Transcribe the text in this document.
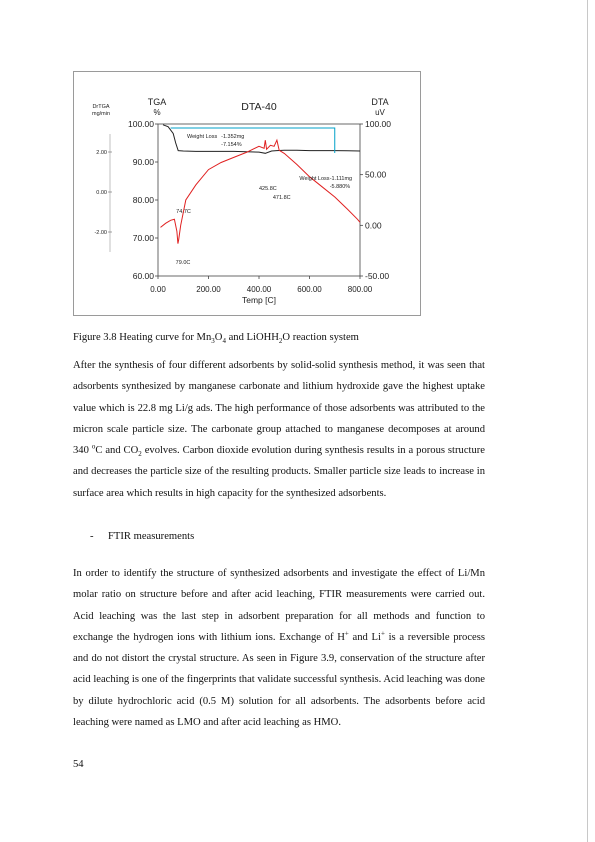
DTA-40
TGA
%
DTA
uV
DrTGA
mg/min
Temp [C]
0.00	200.00	400.00	600.00	800.00
100.00
90.00
80.00
70.00
60.00
100.00
50.00
0.00
-50.00
2.00
0.00
-2.00
Weight Loss -1.352mg
-7.154%
Weight Loss -1.111mg
-5.880%
74.7C
79.0C
425.8C
471.8C
Figure 3.8 Heating curve for $Mn_3O_4$ and LiOHH$_2$O reaction system
After the synthesis of four different adsorbents by solid-solid synthesis method, it was seen that adsorbents synthesized by manganese carbonate and lithium hydroxide gave the highest uptake value which is 22.8 mg Li/g ads. The high performance of those adsorbents was attributed to the micron scale particle size. The carbonate group attached to manganese decomposes at around 340 $^o$C and $CO_2$ evolves. Carbon dioxide evolution during synthesis results in a porous structure and decreases the particle size of the resulting products. Smaller particle size leads to increase in surface area which results in high capacity for the synthesized adsorbents.
- FTIR measurements
In order to identify the structure of synthesized adsorbents and investigate the effect of Li/Mn molar ratio on structure before and after acid leaching, FTIR measurements were carried out. Acid leaching was the last step in adsorbent preparation for all methods and function to exchange the hydrogen ions with lithium ions. Exchange of H+ and Li+ is a reversible process and do not distort the crystal structure. As seen in Figure 3.9, conservation of the structure after acid leaching is one of the fingerprints that validate successful synthesis. Acid leaching was done by dilute hydrochloric acid (0.5 M) solution for all adsorbents. The adsorbents before acid leaching were named as LMO and after acid leaching as HMO.
54
